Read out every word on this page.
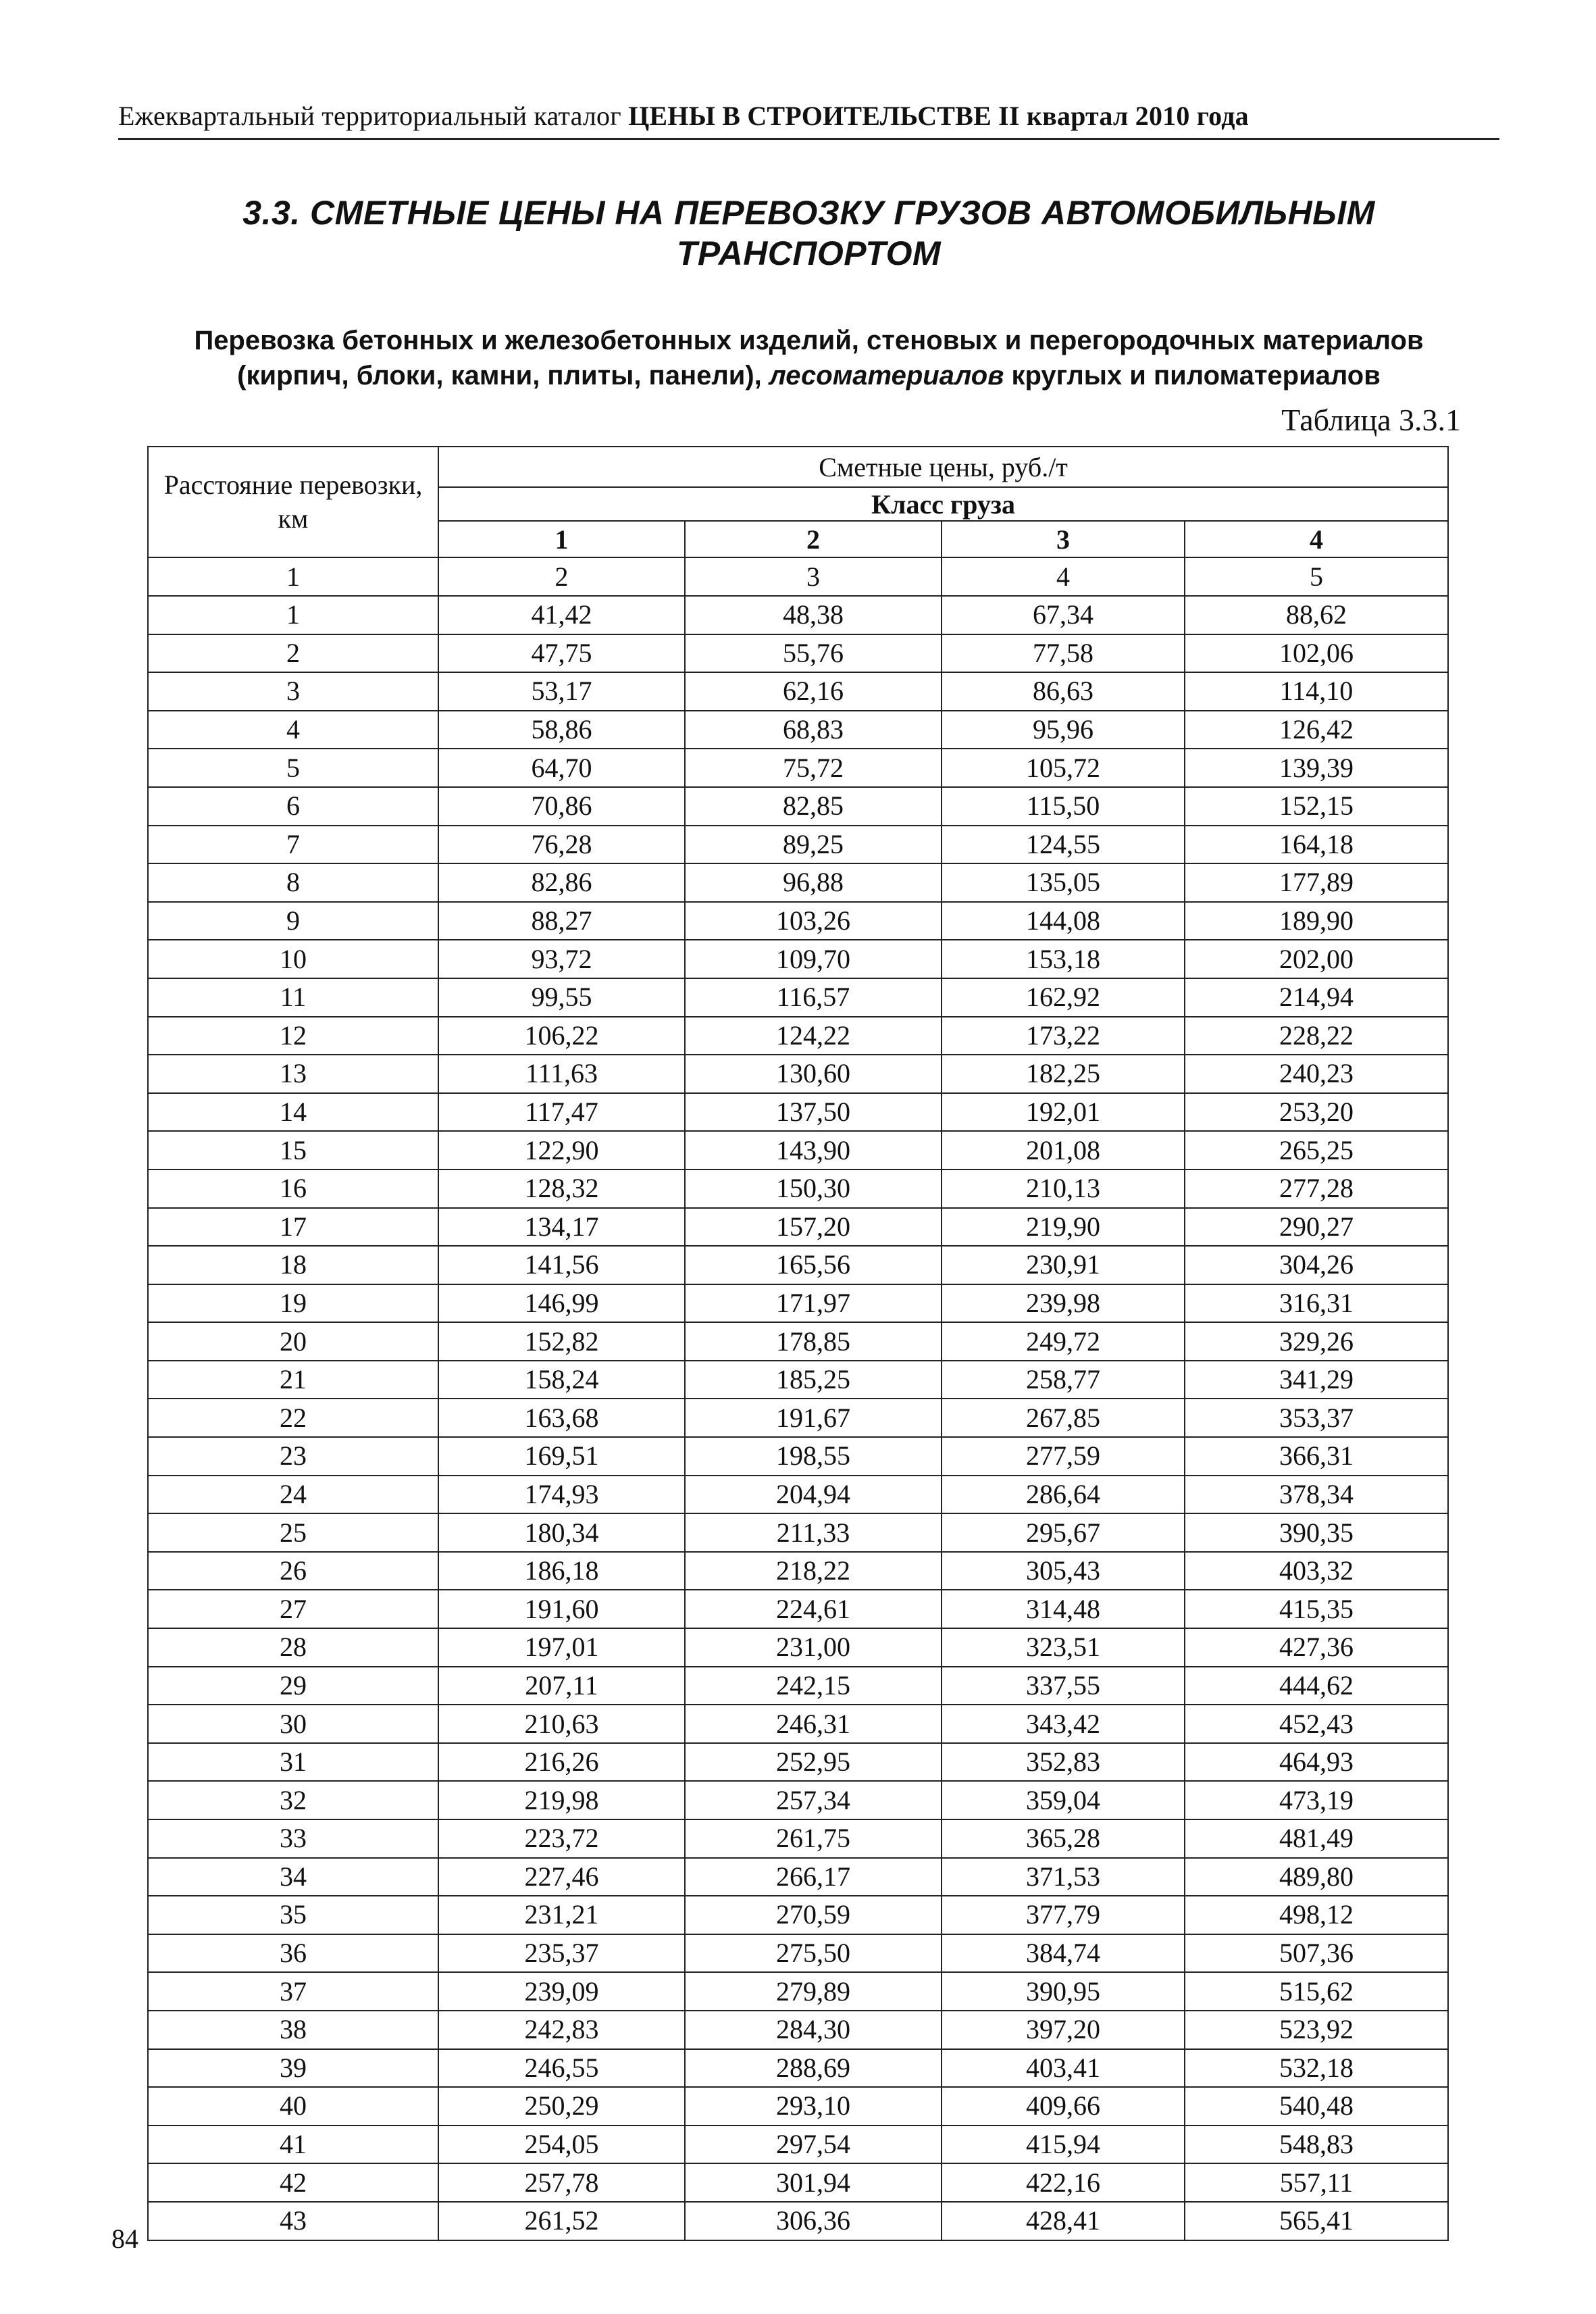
Ежеквартальный территориальный каталог ЦЕНЫ В СТРОИТЕЛЬСТВЕ II квартал 2010 года
3.3. СМЕТНЫЕ ЦЕНЫ НА ПЕРЕВОЗКУ ГРУЗОВ АВТОМОБИЛЬНЫМ
ТРАНСПОРТОМ
Перевозка бетонных и железобетонных изделий, стеновых и перегородочных материалов
(кирпич, блоки, камни, плиты, панели), лесоматериалов круглых и пиломатериалов
Таблица 3.3.1
Расстояние перевозки, км	Сметные цены, руб./т			
	Класс груза			
	1	2	3	4
1	2	3	4	5
1	41,42	48,38	67,34	88,62
2	47,75	55,76	77,58	102,06
3	53,17	62,16	86,63	114,10
4	58,86	68,83	95,96	126,42
5	64,70	75,72	105,72	139,39
6	70,86	82,85	115,50	152,15
7	76,28	89,25	124,55	164,18
8	82,86	96,88	135,05	177,89
9	88,27	103,26	144,08	189,90
10	93,72	109,70	153,18	202,00
11	99,55	116,57	162,92	214,94
12	106,22	124,22	173,22	228,22
13	111,63	130,60	182,25	240,23
14	117,47	137,50	192,01	253,20
15	122,90	143,90	201,08	265,25
16	128,32	150,30	210,13	277,28
17	134,17	157,20	219,90	290,27
18	141,56	165,56	230,91	304,26
19	146,99	171,97	239,98	316,31
20	152,82	178,85	249,72	329,26
21	158,24	185,25	258,77	341,29
22	163,68	191,67	267,85	353,37
23	169,51	198,55	277,59	366,31
24	174,93	204,94	286,64	378,34
25	180,34	211,33	295,67	390,35
26	186,18	218,22	305,43	403,32
27	191,60	224,61	314,48	415,35
28	197,01	231,00	323,51	427,36
29	207,11	242,15	337,55	444,62
30	210,63	246,31	343,42	452,43
31	216,26	252,95	352,83	464,93
32	219,98	257,34	359,04	473,19
33	223,72	261,75	365,28	481,49
34	227,46	266,17	371,53	489,80
35	231,21	270,59	377,79	498,12
36	235,37	275,50	384,74	507,36
37	239,09	279,89	390,95	515,62
38	242,83	284,30	397,20	523,92
39	246,55	288,69	403,41	532,18
40	250,29	293,10	409,66	540,48
41	254,05	297,54	415,94	548,83
42	257,78	301,94	422,16	557,11
43	261,52	306,36	428,41	565,41
84
